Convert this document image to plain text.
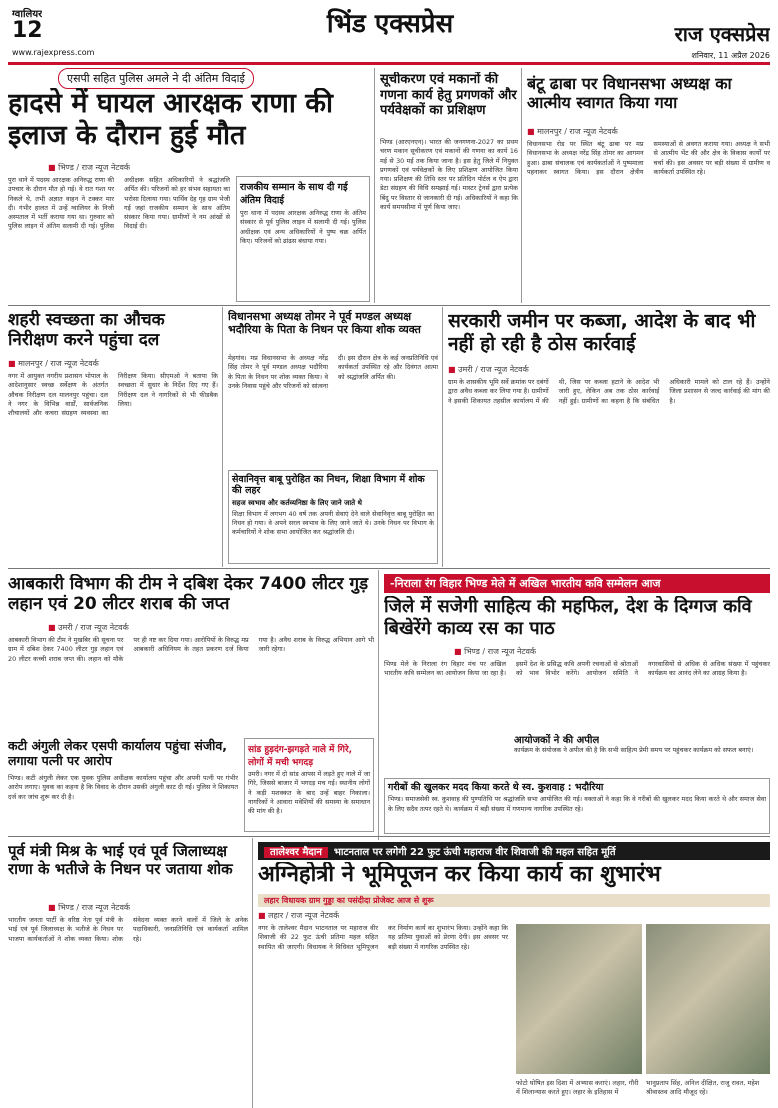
ग्वालियर
12
www.rajexpress.com
भिंड एक्सप्रेस	राज एक्सप्रेस
शनिवार, 11 अप्रैल 2026
एसपी सहित पुलिस अमले ने दी अंतिम विदाई
हादसे में घायल आरक्षक राणा की इलाज के दौरान हुई मौत
■ भिण्ड / राज न्यूज नेटवर्क
पुरा थाने में पदस्थ आरक्षक अनिरुद्ध राणा की उपचार के दौरान मौत हो गई। वे रात गश्त पर निकले थे, तभी अज्ञात वाहन ने टक्कर मार दी। गंभीर हालत में उन्हें ग्वालियर के निजी अस्पताल में भर्ती कराया गया था। गुरुवार को पुलिस लाइन में अंतिम सलामी दी गई। पुलिस अधीक्षक सहित अधिकारियों ने श्रद्धांजलि अर्पित की। परिजनों को हर संभव सहायता का भरोसा दिलाया गया। पार्थिव देह गृह ग्राम भेजी गई जहां राजकीय सम्मान के साथ अंतिम संस्कार किया गया। ग्रामीणों ने नम आंखों से विदाई दी।
राजकीय सम्मान के साथ दी गई अंतिम विदाई
पुरा थाना में पदस्थ आरक्षक अनिरुद्ध राणा के अंतिम संस्कार से पूर्व पुलिस लाइन में सलामी दी गई। पुलिस अधीक्षक एवं अन्य अधिकारियों ने पुष्प चक्र अर्पित किए। परिजनों को ढांढस बंधाया गया।
सूचीकरण एवं मकानों की गणना कार्य हेतु प्रगणकों और पर्यवेक्षकों का प्रशिक्षण
भिण्ड (आरएनएन)। भारत की जनगणना-2027 का प्रथम चरण मकान सूचीकरण एवं मकानों की गणना का कार्य 16 मई से 30 मई तक किया जाना है। इस हेतु जिले में नियुक्त प्रगणकों एवं पर्यवेक्षकों के लिए प्रशिक्षण आयोजित किया गया। प्रशिक्षण की तिथि स्तर पर प्रतिदिन पोर्टल व ऐप द्वारा डेटा संग्रहण की विधि समझाई गई। मास्टर ट्रेनर्स द्वारा प्रत्येक बिंदु पर विस्तार से जानकारी दी गई। अधिकारियों ने कहा कि कार्य समयसीमा में पूर्ण किया जाए।
बंटू ढाबा पर विधानसभा अध्यक्ष का आत्मीय स्वागत किया गया
■ मालनपुर / राज न्यूज नेटवर्क
विधानसभा रोड पर स्थित बंटू ढाबा पर मप्र विधानसभा के अध्यक्ष नरेंद्र सिंह तोमर का आगमन हुआ। ढाबा संचालक एवं कार्यकर्ताओं ने पुष्पमाला पहनाकर स्वागत किया। इस दौरान क्षेत्रीय समस्याओं से अवगत कराया गया। अध्यक्ष ने सभी से आत्मीय भेंट की और क्षेत्र के विकास कार्यों पर चर्चा की। इस अवसर पर बड़ी संख्या में ग्रामीण व कार्यकर्ता उपस्थित रहे।
शहरी स्वच्छता का औचक निरीक्षण करने पहुंचा दल
■ मालनपुर / राज न्यूज नेटवर्क
नगर में आयुक्त नगरीय प्रशासन भोपाल के आदेशानुसार स्वच्छ सर्वेक्षण के अंतर्गत औचक निरीक्षण दल मालनपुर पहुंचा। दल ने नगर के विभिन्न वार्डों, सार्वजनिक शौचालयों और कचरा संग्रहण व्यवस्था का निरीक्षण किया। सीएमओ ने बताया कि स्वच्छता में सुधार के निर्देश दिए गए हैं। निरीक्षण दल ने नागरिकों से भी फीडबैक लिया।
विधानसभा अध्यक्ष तोमर ने पूर्व मण्डल अध्यक्ष भदौरिया के पिता के निधन पर किया शोक व्यक्त
मेहगांव। मप्र विधानसभा के अध्यक्ष नरेंद्र सिंह तोमर ने पूर्व मण्डल अध्यक्ष भदौरिया के पिता के निधन पर शोक व्यक्त किया। वे उनके निवास पहुंचे और परिजनों को सांत्वना दी। इस दौरान क्षेत्र के कई जनप्रतिनिधि एवं कार्यकर्ता उपस्थित रहे और दिवंगत आत्मा को श्रद्धांजलि अर्पित की।
सरकारी जमीन पर कब्जा, आदेश के बाद भी नहीं हो रही है ठोस कार्रवाई
■ उमरी / राज न्यूज नेटवर्क
ग्राम के शासकीय भूमि सर्वे क्रमांक पर दबंगों द्वारा अवैध कब्जा कर लिया गया है। ग्रामीणों ने इसकी शिकायत तहसील कार्यालय में की थी, जिस पर कब्जा हटाने के आदेश भी जारी हुए, लेकिन अब तक ठोस कार्रवाई नहीं हुई। ग्रामीणों का कहना है कि संबंधित अधिकारी मामले को टाल रहे हैं। उन्होंने जिला प्रशासन से जल्द कार्रवाई की मांग की है।
आबकारी विभाग की टीम ने दबिश देकर 7400 लीटर गुड़ लहान एवं 20 लीटर शराब की जप्त
■ उमरी / राज न्यूज नेटवर्क
आबकारी विभाग की टीम ने मुखबिर की सूचना पर ग्राम में दबिश देकर 7400 लीटर गुड़ लहान एवं 20 लीटर कच्ची शराब जप्त की। लहान को मौके पर ही नष्ट कर दिया गया। आरोपियों के विरुद्ध मप्र आबकारी अधिनियम के तहत प्रकरण दर्ज किया गया है। अवैध शराब के विरुद्ध अभियान आगे भी जारी रहेगा।
कटी अंगुली लेकर एसपी कार्यालय पहुंचा संजीव, लगाया पत्नी पर आरोप
भिण्ड। कटी अंगुली लेकर एक युवक पुलिस अधीक्षक कार्यालय पहुंचा और अपनी पत्नी पर गंभीर आरोप लगाए। युवक का कहना है कि विवाद के दौरान उसकी अंगुली काट दी गई। पुलिस ने शिकायत दर्ज कर जांच शुरू कर दी है।
सांड हुड़दंग-झगड़ते नाले में गिरे, लोगों में मची भगदड़
उमरी। नगर में दो सांड आपस में लड़ते हुए नाले में जा गिरे, जिससे बाजार में भगदड़ मच गई। स्थानीय लोगों ने कड़ी मशक्कत के बाद उन्हें बाहर निकाला। नागरिकों ने आवारा मवेशियों की समस्या के समाधान की मांग की है।
-निराला रंग विहार भिण्ड मेले में अखिल भारतीय कवि सम्मेलन आज
जिले में सजेगी साहित्य की महफिल, देश के दिग्गज कवि बिखेरेंगे काव्य रस का पाठ
■ भिण्ड / राज न्यूज नेटवर्क
भिण्ड मेले के निराला रंग विहार मंच पर अखिल भारतीय कवि सम्मेलन का आयोजन किया जा रहा है। इसमें देश के प्रसिद्ध कवि अपनी रचनाओं से श्रोताओं को भाव विभोर करेंगे। आयोजन समिति ने नगरवासियों से अधिक से अधिक संख्या में पहुंचकर कार्यक्रम का आनंद लेने का आग्रह किया है।
आयोजकों ने की अपील
कार्यक्रम के संयोजक ने अपील की है कि सभी साहित्य प्रेमी समय पर पहुंचकर कार्यक्रम को सफल बनाएं।
गरीबों की खुलकर मदद किया करते थे स्व. कुशवाह : भदौरिया
भिण्ड। समाजसेवी स्व. कुशवाह की पुण्यतिथि पर श्रद्धांजलि सभा आयोजित की गई। वक्ताओं ने कहा कि वे गरीबों की खुलकर मदद किया करते थे और समाज सेवा के लिए सदैव तत्पर रहते थे। कार्यक्रम में बड़ी संख्या में गणमान्य नागरिक उपस्थित रहे।
पूर्व मंत्री मिश्र के भाई एवं पूर्व जिलाध्यक्ष राणा के भतीजे के निधन पर जताया शोक
■ भिण्ड / राज न्यूज नेटवर्क
भारतीय जनता पार्टी के वरिष्ठ नेता पूर्व मंत्री के भाई एवं पूर्व जिलाध्यक्ष के भतीजे के निधन पर भाजपा कार्यकर्ताओं ने शोक व्यक्त किया। शोक संवेदना व्यक्त करने वालों में जिले के अनेक पदाधिकारी, जनप्रतिनिधि एवं कार्यकर्ता शामिल रहे।
तालेश्वर मैदान भाटनताल पर लगेगी 22 फुट ऊंची महाराज वीर शिवाजी की महल सहित मूर्ति
अग्निहोत्री ने भूमिपूजन कर किया कार्य का शुभारंभ
लहार विधायक ग्राम गुड्डा का पसंदीदा प्रोजेक्ट आज से शुरू
■ लहार / राज न्यूज नेटवर्क
नगर के तालेश्वर मैदान भाटनताल पर महाराज वीर शिवाजी की 22 फुट ऊंची प्रतिमा महल सहित स्थापित की जाएगी। विधायक ने विधिवत भूमिपूजन कर निर्माण कार्य का शुभारंभ किया। उन्होंने कहा कि यह प्रतिमा युवाओं को प्रेरणा देगी। इस अवसर पर बड़ी संख्या में नागरिक उपस्थित रहे।
फोटो घोषित इस दिशा में अभ्यास कराएं। लहार, गौरी में शिलान्यास करते हुए। लहार के इतिहास में
भानुप्रताप सिंह, अनिल दीक्षित, राजु रावत, महेश श्रीवास्तव आदि मौजूद रहे।
सेवानिवृत्त बाबू पुरोहित का निधन, शिक्षा विभाग में शोक की लहर
सहज स्वभाव और कर्तव्यनिष्ठा के लिए जाने जाते थे
शिक्षा विभाग में लगभग 40 वर्ष तक अपनी सेवाएं देने वाले सेवानिवृत्त बाबू पुरोहित का निधन हो गया। वे अपने सरल स्वभाव के लिए जाने जाते थे। उनके निधन पर विभाग के कर्मचारियों ने शोक सभा आयोजित कर श्रद्धांजलि दी।
